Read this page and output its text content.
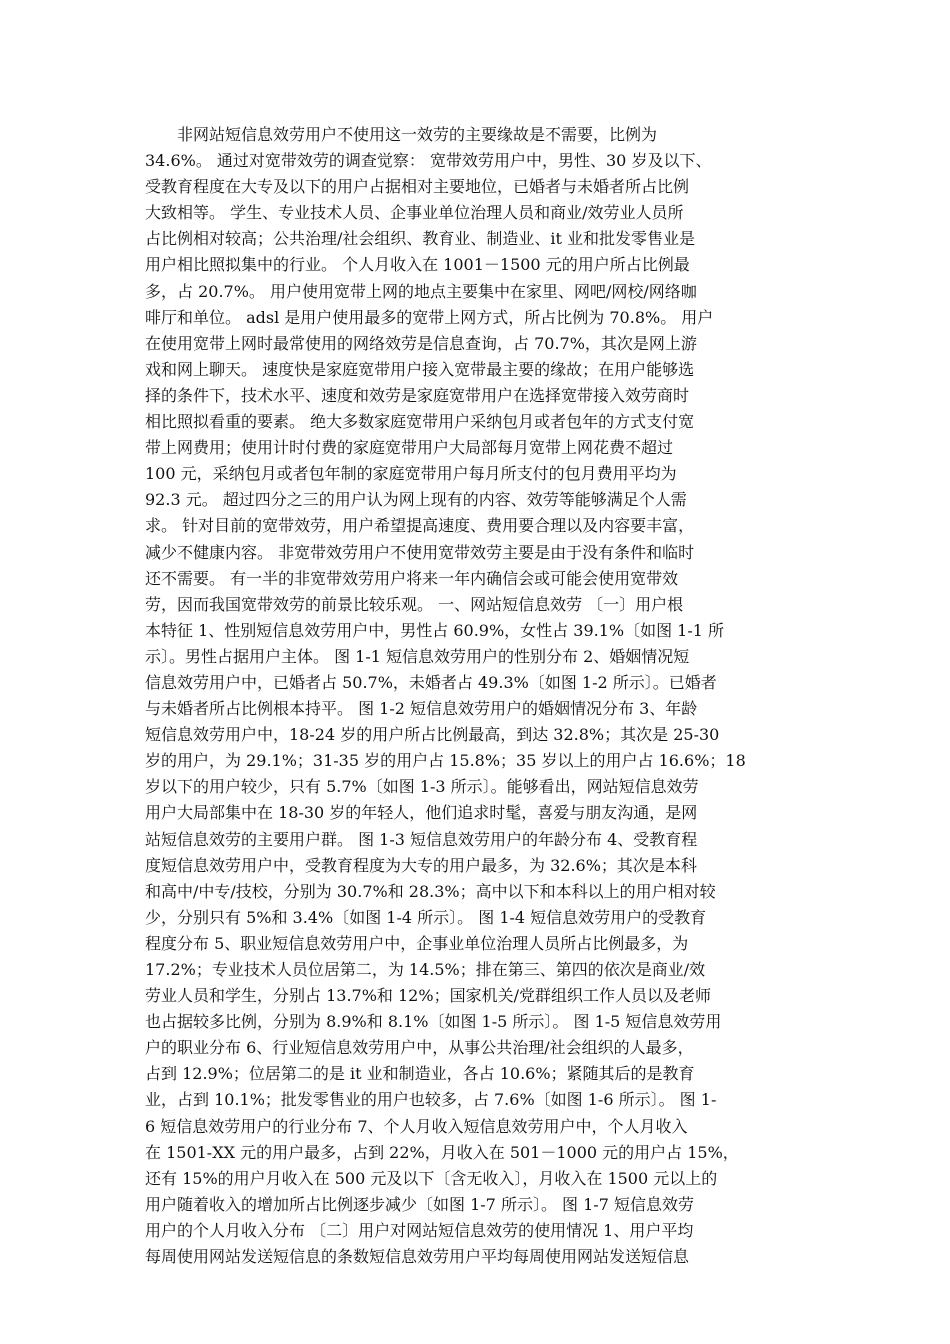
　　非网站短信息效劳用户不使用这一效劳的主要缘故是不需要，比例为
34.6%。 通过对宽带效劳的调查觉察： 宽带效劳用户中，男性、30 岁及以下、
受教育程度在大专及以下的用户占据相对主要地位，已婚者与未婚者所占比例
大致相等。 学生、专业技术人员、企事业单位治理人员和商业/效劳业人员所
占比例相对较高；公共治理/社会组织、教育业、制造业、it 业和批发零售业是
用户相比照拟集中的行业。 个人月收入在 1001－1500 元的用户所占比例最
多，占 20.7%。 用户使用宽带上网的地点主要集中在家里、网吧/网校/网络咖
啡厅和单位。 adsl 是用户使用最多的宽带上网方式，所占比例为 70.8%。 用户
在使用宽带上网时最常使用的网络效劳是信息查询，占 70.7%，其次是网上游
戏和网上聊天。 速度快是家庭宽带用户接入宽带最主要的缘故；在用户能够选
择的条件下，技术水平、速度和效劳是家庭宽带用户在选择宽带接入效劳商时
相比照拟看重的要素。 绝大多数家庭宽带用户采纳包月或者包年的方式支付宽
带上网费用；使用计时付费的家庭宽带用户大局部每月宽带上网花费不超过
100 元，采纳包月或者包年制的家庭宽带用户每月所支付的包月费用平均为
92.3 元。 超过四分之三的用户认为网上现有的内容、效劳等能够满足个人需
求。 针对目前的宽带效劳，用户希望提高速度、费用要合理以及内容要丰富，
减少不健康内容。 非宽带效劳用户不使用宽带效劳主要是由于没有条件和临时
还不需要。 有一半的非宽带效劳用户将来一年内确信会或可能会使用宽带效
劳，因而我国宽带效劳的前景比较乐观。 一、网站短信息效劳 〔一〕用户根
本特征 1、性别短信息效劳用户中，男性占 60.9%，女性占 39.1%〔如图 1-1 所
示〕。男性占据用户主体。 图 1-1 短信息效劳用户的性别分布 2、婚姻情况短
信息效劳用户中，已婚者占 50.7%，未婚者占 49.3%〔如图 1-2 所示〕。已婚者
与未婚者所占比例根本持平。 图 1-2 短信息效劳用户的婚姻情况分布 3、年龄
短信息效劳用户中，18-24 岁的用户所占比例最高，到达 32.8%；其次是 25-30
岁的用户，为 29.1%；31-35 岁的用户占 15.8%；35 岁以上的用户占 16.6%；18
岁以下的用户较少，只有 5.7%〔如图 1-3 所示〕。能够看出，网站短信息效劳
用户大局部集中在 18-30 岁的年轻人，他们追求时髦，喜爱与朋友沟通，是网
站短信息效劳的主要用户群。 图 1-3 短信息效劳用户的年龄分布 4、受教育程
度短信息效劳用户中，受教育程度为大专的用户最多，为 32.6%；其次是本科
和高中/中专/技校，分别为 30.7%和 28.3%；高中以下和本科以上的用户相对较
少，分别只有 5%和 3.4%〔如图 1-4 所示〕。 图 1-4 短信息效劳用户的受教育
程度分布 5、职业短信息效劳用户中，企事业单位治理人员所占比例最多，为
17.2%；专业技术人员位居第二，为 14.5%；排在第三、第四的依次是商业/效
劳业人员和学生，分别占 13.7%和 12%；国家机关/党群组织工作人员以及老师
也占据较多比例，分别为 8.9%和 8.1%〔如图 1-5 所示〕。 图 1-5 短信息效劳用
户的职业分布 6、行业短信息效劳用户中，从事公共治理/社会组织的人最多，
占到 12.9%；位居第二的是 it 业和制造业，各占 10.6%；紧随其后的是教育
业，占到 10.1%；批发零售业的用户也较多，占 7.6%〔如图 1-6 所示〕。 图 1-
6 短信息效劳用户的行业分布 7、个人月收入短信息效劳用户中，个人月收入
在 1501-XX 元的用户最多，占到 22%，月收入在 501－1000 元的用户占 15%，
还有 15%的用户月收入在 500 元及以下〔含无收入〕，月收入在 1500 元以上的
用户随着收入的增加所占比例逐步减少〔如图 1-7 所示〕。 图 1-7 短信息效劳
用户的个人月收入分布 〔二〕用户对网站短信息效劳的使用情况 1、用户平均
每周使用网站发送短信息的条数短信息效劳用户平均每周使用网站发送短信息
